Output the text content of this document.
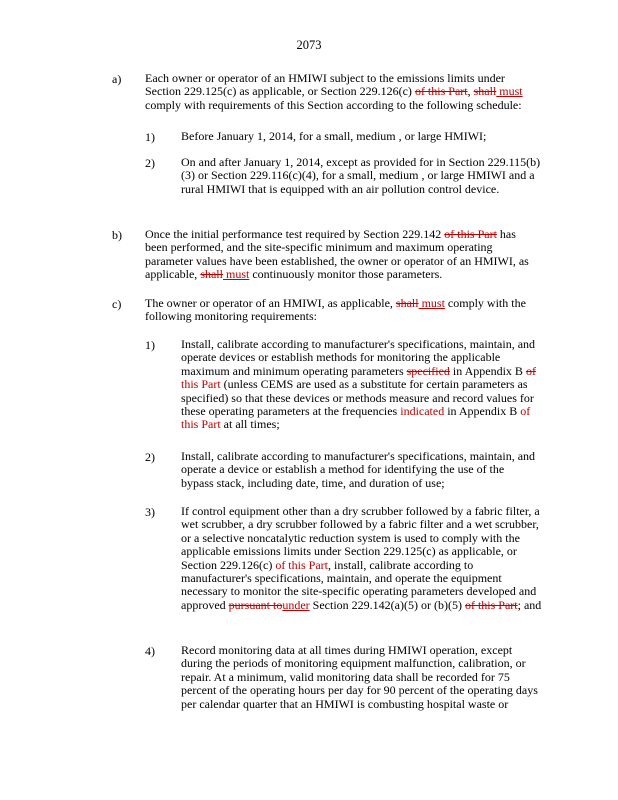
2073
a) Each owner or operator of an HMIWI subject to the emissions limits under Section 229.125(c) as applicable, or Section 229.126(c) of this Part, shall must comply with requirements of this Section according to the following schedule:
1) Before January 1, 2014, for a small, medium , or large HMIWI;
2) On and after January 1, 2014, except as provided for in Section 229.115(b)(3) or Section 229.116(c)(4), for a small, medium , or large HMIWI and a rural HMIWI that is equipped with an air pollution control device.
b) Once the initial performance test required by Section 229.142 of this Part has been performed, and the site-specific minimum and maximum operating parameter values have been established, the owner or operator of an HMIWI, as applicable, shall must continuously monitor those parameters.
c) The owner or operator of an HMIWI, as applicable, shall must comply with the following monitoring requirements:
1) Install, calibrate according to manufacturer's specifications, maintain, and operate devices or establish methods for monitoring the applicable maximum and minimum operating parameters specified in Appendix B of this Part (unless CEMS are used as a substitute for certain parameters as specified) so that these devices or methods measure and record values for these operating parameters at the frequencies indicated in Appendix B of this Part at all times;
2) Install, calibrate according to manufacturer's specifications, maintain, and operate a device or establish a method for identifying the use of the bypass stack, including date, time, and duration of use;
3) If control equipment other than a dry scrubber followed by a fabric filter, a wet scrubber, a dry scrubber followed by a fabric filter and a wet scrubber, or a selective noncatalytic reduction system is used to comply with the applicable emissions limits under Section 229.125(c) as applicable, or Section 229.126(c) of this Part, install, calibrate according to manufacturer's specifications, maintain, and operate the equipment necessary to monitor the site-specific operating parameters developed and approved pursuant tounder Section 229.142(a)(5) or (b)(5) of this Part; and
4) Record monitoring data at all times during HMIWI operation, except during the periods of monitoring equipment malfunction, calibration, or repair. At a minimum, valid monitoring data shall be recorded for 75 percent of the operating hours per day for 90 percent of the operating days per calendar quarter that an HMIWI is combusting hospital waste or
